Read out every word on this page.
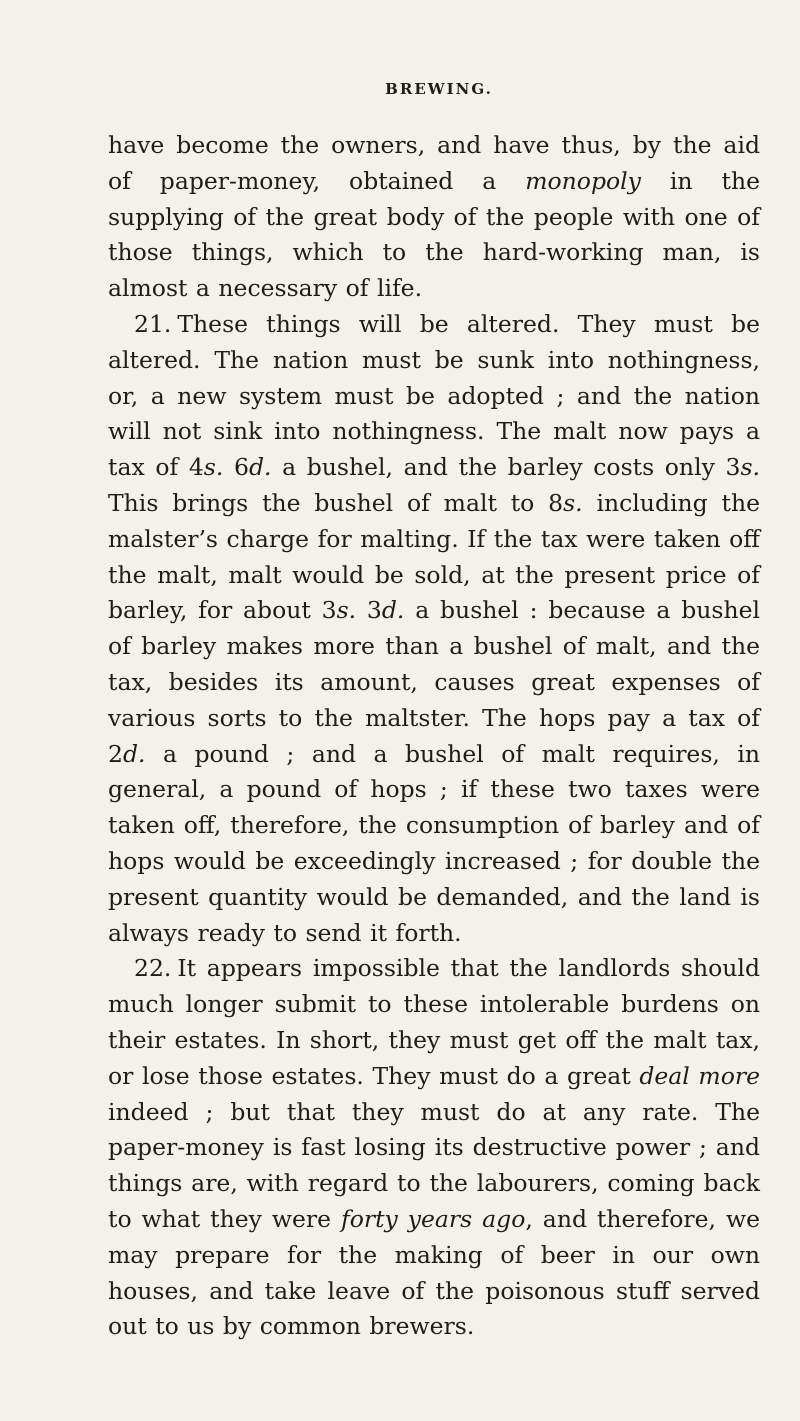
BREWING.

have become the owners, and have thus, by the aid of paper-money, obtained a monopoly in the supplying of the great body of the people with one of those things, which to the hard-working man, is almost a necessary of life.

21. These things will be altered. They must be altered. The nation must be sunk into nothingness, or, a new system must be adopted ; and the nation will not sink into nothingness. The malt now pays a tax of 4s. 6d. a bushel, and the barley costs only 3s. This brings the bushel of malt to 8s. including the malster’s charge for malting. If the tax were taken off the malt, malt would be sold, at the present price of barley, for about 3s. 3d. a bushel : because a bushel of barley makes more than a bushel of malt, and the tax, besides its amount, causes great expenses of various sorts to the maltster. The hops pay a tax of 2d. a pound ; and a bushel of malt requires, in general, a pound of hops ; if these two taxes were taken off, therefore, the consumption of barley and of hops would be exceedingly increased ; for double the present quantity would be demanded, and the land is always ready to send it forth.

22. It appears impossible that the landlords should much longer submit to these intolerable burdens on their estates. In short, they must get off the malt tax, or lose those estates. They must do a great deal more indeed ; but that they must do at any rate. The paper-money is fast losing its destructive power ; and things are, with regard to the labourers, coming back to what they were forty years ago, and therefore, we may prepare for the making of beer in our own houses, and take leave of the poisonous stuff served out to us by common brewers.
